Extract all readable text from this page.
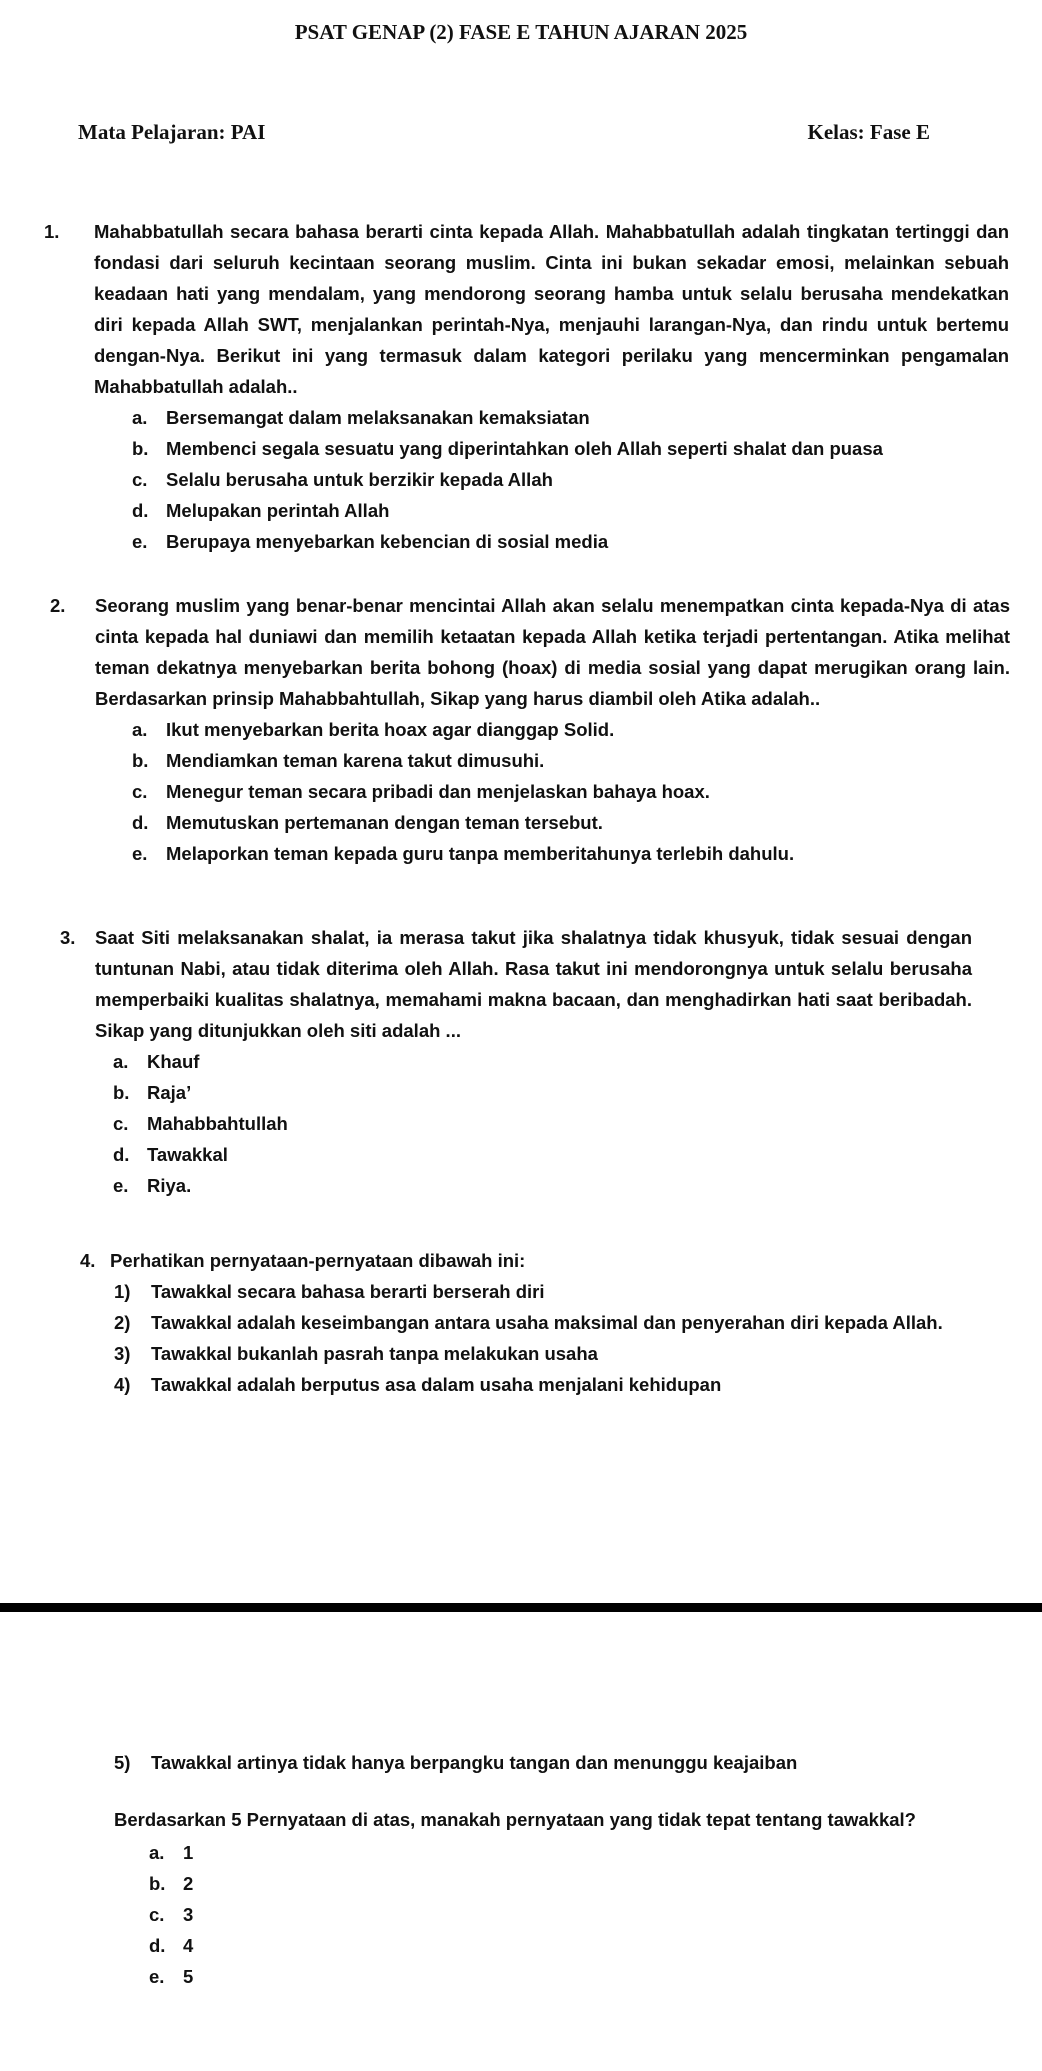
PSAT GENAP (2) FASE E TAHUN AJARAN 2025
Mata Pelajaran: PAI	Kelas: Fase E
1. Mahabbatullah secara bahasa berarti cinta kepada Allah. Mahabbatullah adalah tingkatan tertinggi dan fondasi dari seluruh kecintaan seorang muslim. Cinta ini bukan sekadar emosi, melainkan sebuah keadaan hati yang mendalam, yang mendorong seorang hamba untuk selalu berusaha mendekatkan diri kepada Allah SWT, menjalankan perintah-Nya, menjauhi larangan-Nya, dan rindu untuk bertemu dengan-Nya. Berikut ini yang termasuk dalam kategori perilaku yang mencerminkan pengamalan Mahabbatullah adalah..
a. Bersemangat dalam melaksanakan kemaksiatan
b. Membenci segala sesuatu yang diperintahkan oleh Allah seperti shalat dan puasa
c. Selalu berusaha untuk berzikir kepada Allah
d. Melupakan perintah Allah
e. Berupaya menyebarkan kebencian di sosial media
2. Seorang muslim yang benar-benar mencintai Allah akan selalu menempatkan cinta kepada-Nya di atas cinta kepada hal duniawi dan memilih ketaatan kepada Allah ketika terjadi pertentangan. Atika melihat teman dekatnya menyebarkan berita bohong (hoax) di media sosial yang dapat merugikan orang lain. Berdasarkan prinsip Mahabbahtullah, Sikap yang harus diambil oleh Atika adalah..
a. Ikut menyebarkan berita hoax agar dianggap Solid.
b. Mendiamkan teman karena takut dimusuhi.
c. Menegur teman secara pribadi dan menjelaskan bahaya hoax.
d. Memutuskan pertemanan dengan teman tersebut.
e. Melaporkan teman kepada guru tanpa memberitahunya terlebih dahulu.
3. Saat Siti melaksanakan shalat, ia merasa takut jika shalatnya tidak khusyuk, tidak sesuai dengan tuntunan Nabi, atau tidak diterima oleh Allah. Rasa takut ini mendorongnya untuk selalu berusaha memperbaiki kualitas shalatnya, memahami makna bacaan, dan menghadirkan hati saat beribadah. Sikap yang ditunjukkan oleh siti adalah ...
a. Khauf
b. Raja’
c. Mahabbahtullah
d. Tawakkal
e. Riya.
4. Perhatikan pernyataan-pernyataan dibawah ini:
1) Tawakkal secara bahasa berarti berserah diri
2) Tawakkal adalah keseimbangan antara usaha maksimal dan penyerahan diri kepada Allah.
3) Tawakkal bukanlah pasrah tanpa melakukan usaha
4) Tawakkal adalah berputus asa dalam usaha menjalani kehidupan
5) Tawakkal artinya tidak hanya berpangku tangan dan menunggu keajaiban
Berdasarkan 5 Pernyataan di atas, manakah pernyataan yang tidak tepat tentang tawakkal?
a. 1
b. 2
c. 3
d. 4
e. 5
